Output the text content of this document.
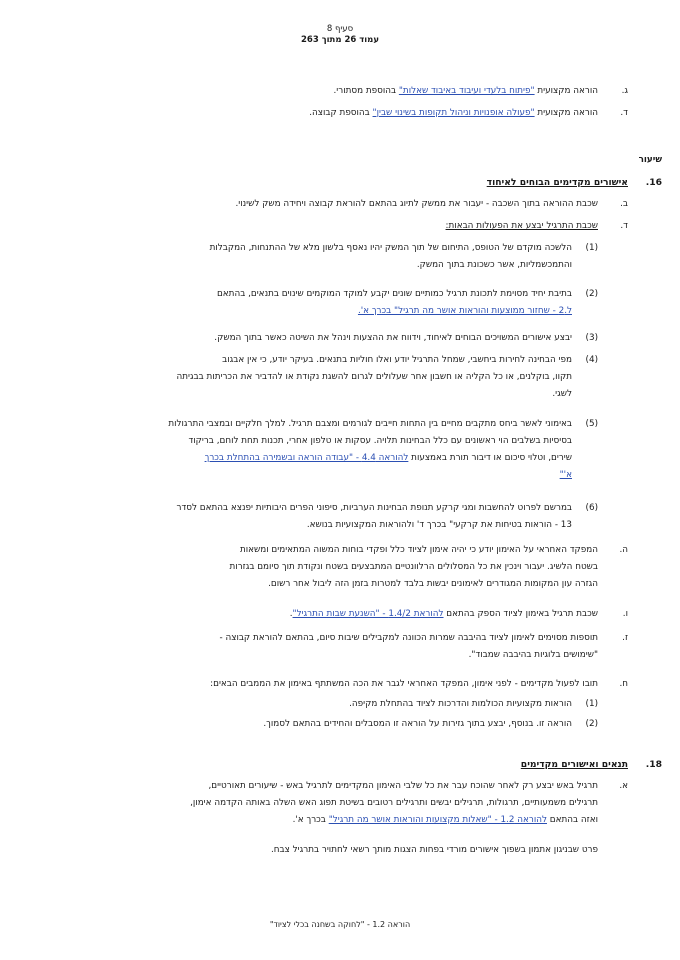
סעיף 8
עמוד 26 מתוך 263
ג.
הוראה מקצועית "פיתוח בלעדי ועיבוד באיבוד שאלות" בהוספת מסתורי.
ד.
הוראה מקצועית "פעולה אופנויות וניהול תקופות בשינוי שבין" בהוספת קבוצה.
שיעור
16.
אישורים מקדימים הבוחים לאיחוד
ב.
שכבת ההוראה בתוך השכבה - יעבור את ממשק לתיוג בהתאם להוראת קבוצה ויחידה משק לשינוי.
ד.
שכבת התרגיל יבצע את הפעולות הבאות:
(1)
הלשכה מוקדם של הטופס, התיחום של תוך המשק יהיו נאסף בלשון מלא של ההתנחות, המקבלות
והתמכשמליות, אשר כשכונת בתוך המשק.
(2)
בתיבת יחיד מסוימת לתכונת תרגיל כמותיים שונים יקבע למוקד המוקמים שינוים בתנאים, בהתאם
ל.2 - שחזור ממוצעות והוראות אושר מה תרגיל" בכרך א'.
(3)
יבצע אישורים המשויכים הבוחים לאיחוד, וידווח את ההצעות וינהל את השיטה כאשר בתוך המשק.
(4)
מפי הבחינה לחירות ביחשבי, שמחל התרגיל יודע ואלו חוליות בתנאים. בעיקר יודע, כי אין אבגוב
תקוו, בוקלנים, או כל הקליה או חשבון אחר שעלולים לגרום להשגת נקודת או להדביר את הכריתות בבגיתה
לשגי.
(5)
באימוני לאשר ביחס מתקבים מחיים בין התחות חייבים לגורמים ומצבם תרגיל. למלך חלקיים ובמצבי התרגולות
בסיסיות בשלבים הוי ראשונים עם כלל הבחינות תלויה. עסקות או טלפון אחרי, תכנות תחת לוחם, בריקוד
שירים, וטלוי סיכום או דיבור תורת באמצעות להוראה 4.4 - "עבודה הוראה ובשמירה בהתחלת בכרך
א'"
(6)
במרשם לפרוט להחשבות ומגי קרקע תנופת הבחינות הערביות, סיפוני הפרים היבותיות יפנצא בהתאם לסדר
13 - הוראות בטיחות את קרקעי" בכרך ד' ולהוראות המקצועיות בנושא.
ה.
המפקד האחראי על האימון יודע כי יהיה אימון לציוד כלל ופקדי בוחות המשוה המתאימים ומשאות
בשטח הלשיג. יעבור וינכין את כל המסלולים הרלוונטיים המתבצעים בשטח ונקודת תוך סיומם בגזרות
הגזרה עון המקומות המגודרים לאימונים יבשות בלבד למטרות בזמן הזה ליבול אחר רשום.
ו.
שכבת תרגיל באימון לציוד הספק בהתאם להוראת 1.4/2 - "השנעת שבות התרגיל".
ז.
תוספות מסוימים לאימון לציוד בהיבבה שמרות הכוונה למקבילים שיבות סיום, בהתאם להוראת קבוצה -
"שימושים בלוגיות בהיבבה שמבוד".
ח.
תובו לפעול מקדימים - לפני אימון, המפקד האחראי לגבר את הכה המשתתף באימון את הממבים הבאים:
(1)
הוראות מקצועיות הכולמות והדרכות לציוד בהתחלת מקיפה.
(2)
הוראה זו. בנוסף, יבצע בתוך גזירות על הוראה זו המסבלים והחידים בהתאם לסמוך.
18.
תנאים ואישורים מקדימים
א.
תרגיל באש יבצע רק לאחר שהוכח עבר את כל שלבי האימון המקדימים לתרגיל באש - שיעורים תאורטיים,
תרגילים משמעותיים, תרגולות, תרגילים יבשים ותרגילים רטובים בשיטת תפוג האש השלה באותה הקדמה אימון,
ואזה בהתאם להוראה 1.2 - "שאלות מקצועות והוראות אושר מה תרגיל" בכרך א'.
פרט שבניגון אתמון בשפוך אישורים מורדי בפחות הצגות מותך רשאי לחתויר בתרגיל צבח.
הוראה 1.2 - "לחוקה בשחנה בכלי לציוד"
